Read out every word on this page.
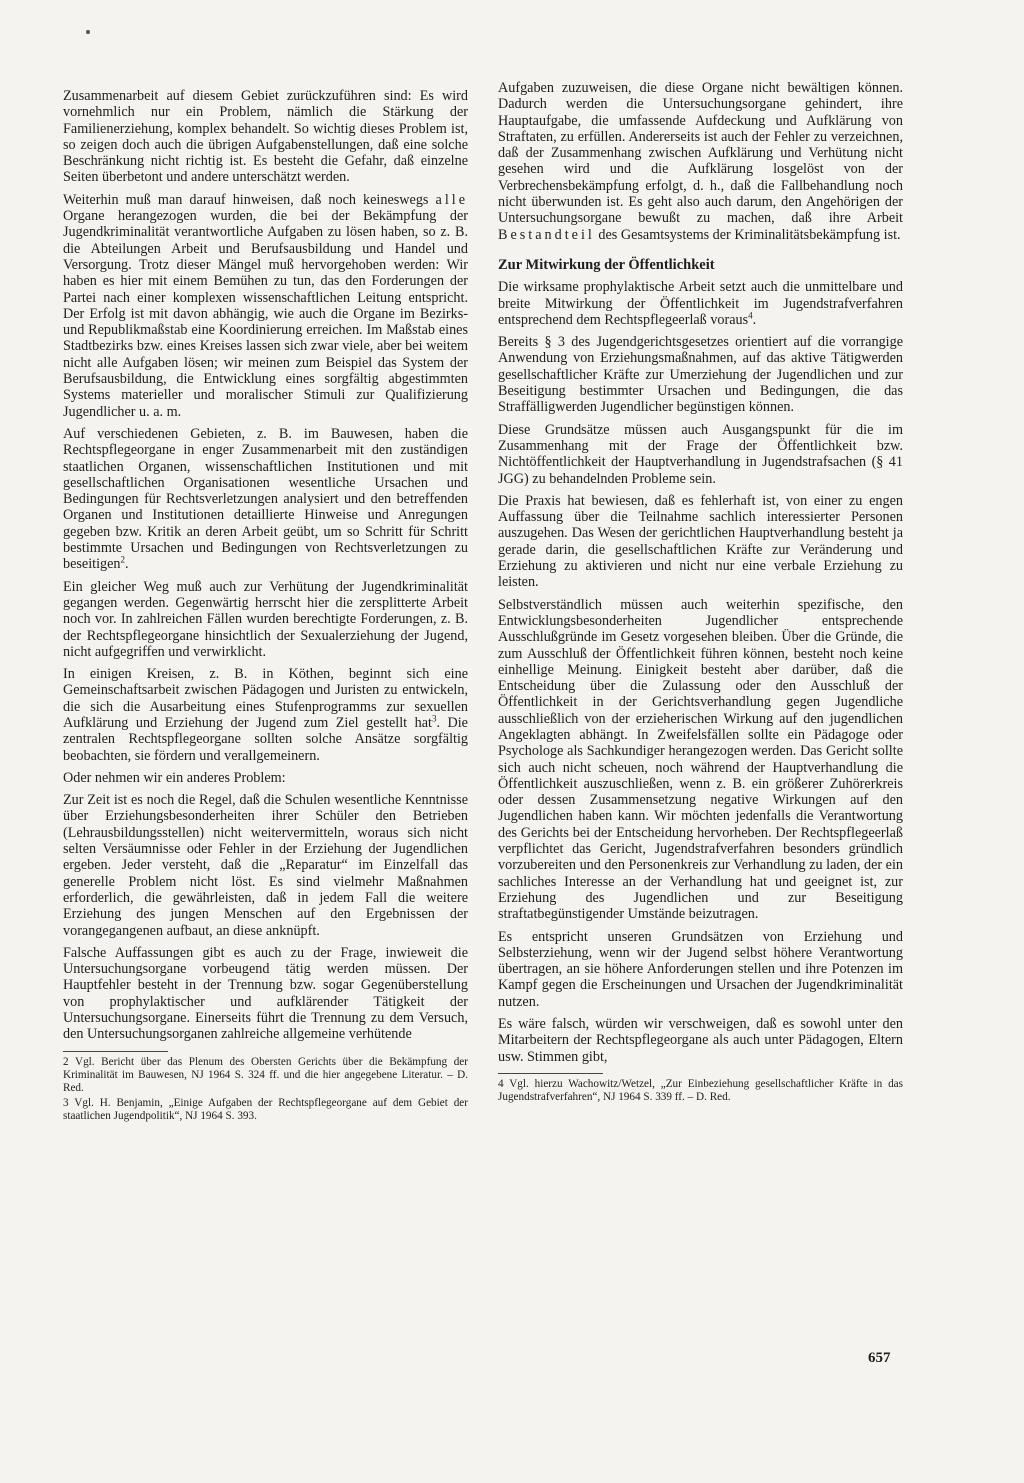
Zusammenarbeit auf diesem Gebiet zurückzuführen sind: Es wird vornehmlich nur ein Problem, nämlich die Stärkung der Familienerziehung, komplex behandelt. So wichtig dieses Problem ist, so zeigen doch auch die übrigen Aufgabenstellungen, daß eine solche Beschränkung nicht richtig ist. Es besteht die Gefahr, daß einzelne Seiten überbetont und andere unterschätzt werden.

Weiterhin muß man darauf hinweisen, daß noch keineswegs alle Organe herangezogen wurden, die bei der Bekämpfung der Jugendkriminalität verantwortliche Aufgaben zu lösen haben, so z. B. die Abteilungen Arbeit und Berufsausbildung und Handel und Versorgung. Trotz dieser Mängel muß hervorgehoben werden: Wir haben es hier mit einem Bemühen zu tun, das den Forderungen der Partei nach einer komplexen wissenschaftlichen Leitung entspricht. Der Erfolg ist mit davon abhängig, wie auch die Organe im Bezirks- und Republikmaßstab eine Koordinierung erreichen. Im Maßstab eines Stadtbezirks bzw. eines Kreises lassen sich zwar viele, aber bei weitem nicht alle Aufgaben lösen; wir meinen zum Beispiel das System der Berufsausbildung, die Entwicklung eines sorgfältig abgestimmten Systems materieller und moralischer Stimuli zur Qualifizierung Jugendlicher u. a. m.

Auf verschiedenen Gebieten, z. B. im Bauwesen, haben die Rechtspflegeorgane in enger Zusammenarbeit mit den zuständigen staatlichen Organen, wissenschaftlichen Institutionen und mit gesellschaftlichen Organisationen wesentliche Ursachen und Bedingungen für Rechtsverletzungen analysiert und den betreffenden Organen und Institutionen detaillierte Hinweise und Anregungen gegeben bzw. Kritik an deren Arbeit geübt, um so Schritt für Schritt bestimmte Ursachen und Bedingungen von Rechtsverletzungen zu beseitigen$^2$.

Ein gleicher Weg muß auch zur Verhütung der Jugendkriminalität gegangen werden. Gegenwärtig herrscht hier die zersplitterte Arbeit noch vor. In zahlreichen Fällen wurden berechtigte Forderungen, z. B. der Rechtspflegeorgane hinsichtlich der Sexualerziehung der Jugend, nicht aufgegriffen und verwirklicht.

In einigen Kreisen, z. B. in Köthen, beginnt sich eine Gemeinschaftsarbeit zwischen Pädagogen und Juristen zu entwickeln, die sich die Ausarbeitung eines Stufenprogramms zur sexuellen Aufklärung und Erziehung der Jugend zum Ziel gestellt hat$^3$. Die zentralen Rechtspflegeorgane sollten solche Ansätze sorgfältig beobachten, sie fördern und verallgemeinern.

Oder nehmen wir ein anderes Problem:

Zur Zeit ist es noch die Regel, daß die Schulen wesentliche Kenntnisse über Erziehungsbesonderheiten ihrer Schüler den Betrieben (Lehrausbildungsstellen) nicht weitervermitteln, woraus sich nicht selten Versäumnisse oder Fehler in der Erziehung der Jugendlichen ergeben. Jeder versteht, daß die „Reparatur“ im Einzelfall das generelle Problem nicht löst. Es sind vielmehr Maßnahmen erforderlich, die gewährleisten, daß in jedem Fall die weitere Erziehung des jungen Menschen auf den Ergebnissen der vorangegangenen aufbaut, an diese anknüpft.

Falsche Auffassungen gibt es auch zu der Frage, inwieweit die Untersuchungsorgane vorbeugend tätig werden müssen. Der Hauptfehler besteht in der Trennung bzw. sogar Gegenüberstellung von prophylaktischer und aufklärender Tätigkeit der Untersuchungsorgane. Einerseits führt die Trennung zu dem Versuch, den Untersuchungsorganen zahlreiche allgemeine verhütende

2 Vgl. Bericht über das Plenum des Obersten Gerichts über die Bekämpfung der Kriminalität im Bauwesen, NJ 1964 S. 324 ff. und die hier angegebene Literatur. – D. Red.

3 Vgl. H. Benjamin, „Einige Aufgaben der Rechtspflegeorgane auf dem Gebiet der staatlichen Jugendpolitik“, NJ 1964 S. 393.

Aufgaben zuzuweisen, die diese Organe nicht bewältigen können. Dadurch werden die Untersuchungsorgane gehindert, ihre Hauptaufgabe, die umfassende Aufdeckung und Aufklärung von Straftaten, zu erfüllen. Andererseits ist auch der Fehler zu verzeichnen, daß der Zusammenhang zwischen Aufklärung und Verhütung nicht gesehen wird und die Aufklärung losgelöst von der Verbrechensbekämpfung erfolgt, d. h., daß die Fallbehandlung noch nicht überwunden ist. Es geht also auch darum, den Angehörigen der Untersuchungsorgane bewußt zu machen, daß ihre Arbeit Bestandteil des Gesamtsystems der Kriminalitätsbekämpfung ist.

Zur Mitwirkung der Öffentlichkeit

Die wirksame prophylaktische Arbeit setzt auch die unmittelbare und breite Mitwirkung der Öffentlichkeit im Jugendstrafverfahren entsprechend dem Rechtspflegeerlaß voraus$^4$.

Bereits § 3 des Jugendgerichtsgesetzes orientiert auf die vorrangige Anwendung von Erziehungsmaßnahmen, auf das aktive Tätigwerden gesellschaftlicher Kräfte zur Umerziehung der Jugendlichen und zur Beseitigung bestimmter Ursachen und Bedingungen, die das Straffälligwerden Jugendlicher begünstigen können.

Diese Grundsätze müssen auch Ausgangspunkt für die im Zusammenhang mit der Frage der Öffentlichkeit bzw. Nichtöffentlichkeit der Hauptverhandlung in Jugendstrafsachen (§ 41 JGG) zu behandelnden Probleme sein.

Die Praxis hat bewiesen, daß es fehlerhaft ist, von einer zu engen Auffassung über die Teilnahme sachlich interessierter Personen auszugehen. Das Wesen der gerichtlichen Hauptverhandlung besteht ja gerade darin, die gesellschaftlichen Kräfte zur Veränderung und Erziehung zu aktivieren und nicht nur eine verbale Erziehung zu leisten.

Selbstverständlich müssen auch weiterhin spezifische, den Entwicklungsbesonderheiten Jugendlicher entsprechende Ausschlußgründe im Gesetz vorgesehen bleiben. Über die Gründe, die zum Ausschluß der Öffentlichkeit führen können, besteht noch keine einhellige Meinung. Einigkeit besteht aber darüber, daß die Entscheidung über die Zulassung oder den Ausschluß der Öffentlichkeit in der Gerichtsverhandlung gegen Jugendliche ausschließlich von der erzieherischen Wirkung auf den jugendlichen Angeklagten abhängt. In Zweifelsfällen sollte ein Pädagoge oder Psychologe als Sachkundiger herangezogen werden. Das Gericht sollte sich auch nicht scheuen, noch während der Hauptverhandlung die Öffentlichkeit auszuschließen, wenn z. B. ein größerer Zuhörerkreis oder dessen Zusammensetzung negative Wirkungen auf den Jugendlichen haben kann. Wir möchten jedenfalls die Verantwortung des Gerichts bei der Entscheidung hervorheben. Der Rechtspflegeerlaß verpflichtet das Gericht, Jugendstrafverfahren besonders gründlich vorzubereiten und den Personenkreis zur Verhandlung zu laden, der ein sachliches Interesse an der Verhandlung hat und geeignet ist, zur Erziehung des Jugendlichen und zur Beseitigung straftatbegünstigender Umstände beizutragen.

Es entspricht unseren Grundsätzen von Erziehung und Selbsterziehung, wenn wir der Jugend selbst höhere Verantwortung übertragen, an sie höhere Anforderungen stellen und ihre Potenzen im Kampf gegen die Erscheinungen und Ursachen der Jugendkriminalität nutzen.

Es wäre falsch, würden wir verschweigen, daß es sowohl unter den Mitarbeitern der Rechtspflegeorgane als auch unter Pädagogen, Eltern usw. Stimmen gibt,

4 Vgl. hierzu Wachowitz/Wetzel, „Zur Einbeziehung gesellschaftlicher Kräfte in das Jugendstrafverfahren“, NJ 1964 S. 339 ff. – D. Red.

657
